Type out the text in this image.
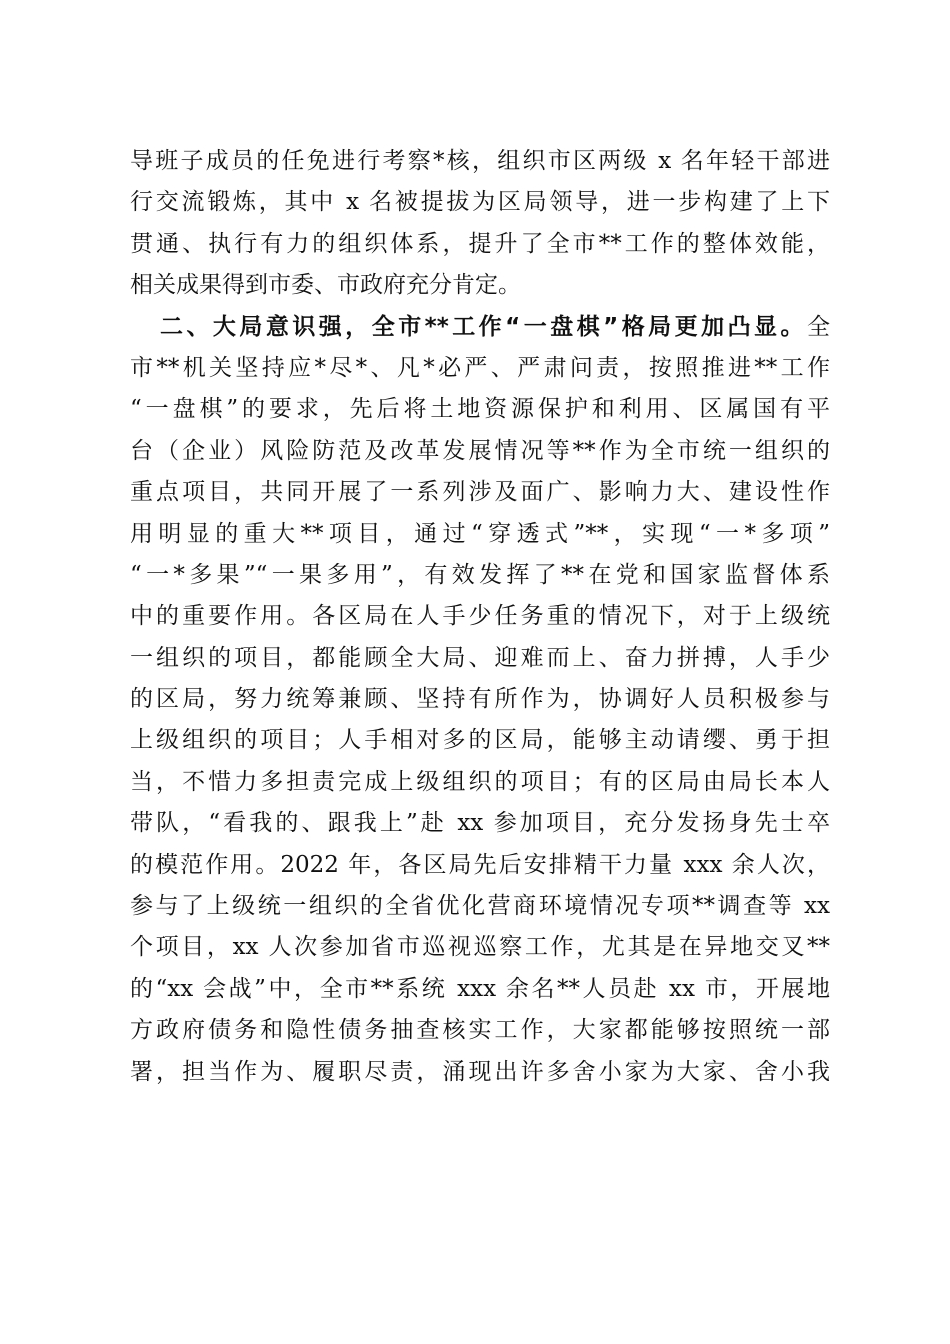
导班子成员的任免进行考察*核，组织市区两级 x 名年轻干部进
行交流锻炼，其中 x 名被提拔为区局领导，进一步构建了上下
贯通、执行有力的组织体系，提升了全市**工作的整体效能，
相关成果得到市委、市政府充分肯定。
二、大局意识强，全市**工作“一盘棋”格局更加凸显。全
市**机关坚持应*尽*、凡*必严、严肃问责，按照推进**工作
“一盘棋”的要求，先后将土地资源保护和利用、区属国有平
台（企业）风险防范及改革发展情况等**作为全市统一组织的
重点项目，共同开展了一系列涉及面广、影响力大、建设性作
用明显的重大**项目，通过“穿透式”**，实现“一*多项”
“一*多果”“一果多用”，有效发挥了**在党和国家监督体系
中的重要作用。各区局在人手少任务重的情况下，对于上级统
一组织的项目，都能顾全大局、迎难而上、奋力拼搏，人手少
的区局，努力统筹兼顾、坚持有所作为，协调好人员积极参与
上级组织的项目；人手相对多的区局，能够主动请缨、勇于担
当，不惜力多担责完成上级组织的项目；有的区局由局长本人
带队，“看我的、跟我上”赴 xx 参加项目，充分发扬身先士卒
的模范作用。2022 年，各区局先后安排精干力量 xxx 余人次，
参与了上级统一组织的全省优化营商环境情况专项**调查等 xx
个项目，xx 人次参加省市巡视巡察工作，尤其是在异地交叉**
的“xx 会战”中，全市**系统 xxx 余名**人员赴 xx 市，开展地
方政府债务和隐性债务抽查核实工作，大家都能够按照统一部
署，担当作为、履职尽责，涌现出许多舍小家为大家、舍小我
